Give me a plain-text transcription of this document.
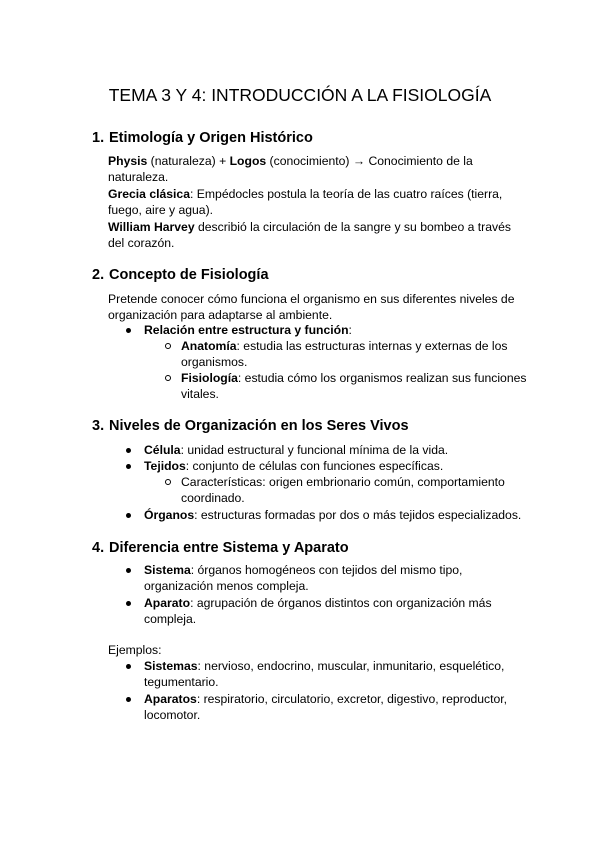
TEMA 3 Y 4: INTRODUCCIÓN A LA FISIOLOGÍA
1. Etimología y Origen Histórico
Physis (naturaleza) + Logos (conocimiento) → Conocimiento de la naturaleza.
Grecia clásica: Empédocles postula la teoría de las cuatro raíces (tierra, fuego, aire y agua).
William Harvey describió la circulación de la sangre y su bombeo a través del corazón.
2. Concepto de Fisiología
Pretende conocer cómo funciona el organismo en sus diferentes niveles de organización para adaptarse al ambiente.
Relación entre estructura y función:
Anatomía: estudia las estructuras internas y externas de los organismos.
Fisiología: estudia cómo los organismos realizan sus funciones vitales.
3. Niveles de Organización en los Seres Vivos
Célula: unidad estructural y funcional mínima de la vida.
Tejidos: conjunto de células con funciones específicas.
Características: origen embrionario común, comportamiento coordinado.
Órganos: estructuras formadas por dos o más tejidos especializados.
4. Diferencia entre Sistema y Aparato
Sistema: órganos homogéneos con tejidos del mismo tipo, organización menos compleja.
Aparato: agrupación de órganos distintos con organización más compleja.
Ejemplos:
Sistemas: nervioso, endocrino, muscular, inmunitario, esquelético, tegumentario.
Aparatos: respiratorio, circulatorio, excretor, digestivo, reproductor, locomotor.
